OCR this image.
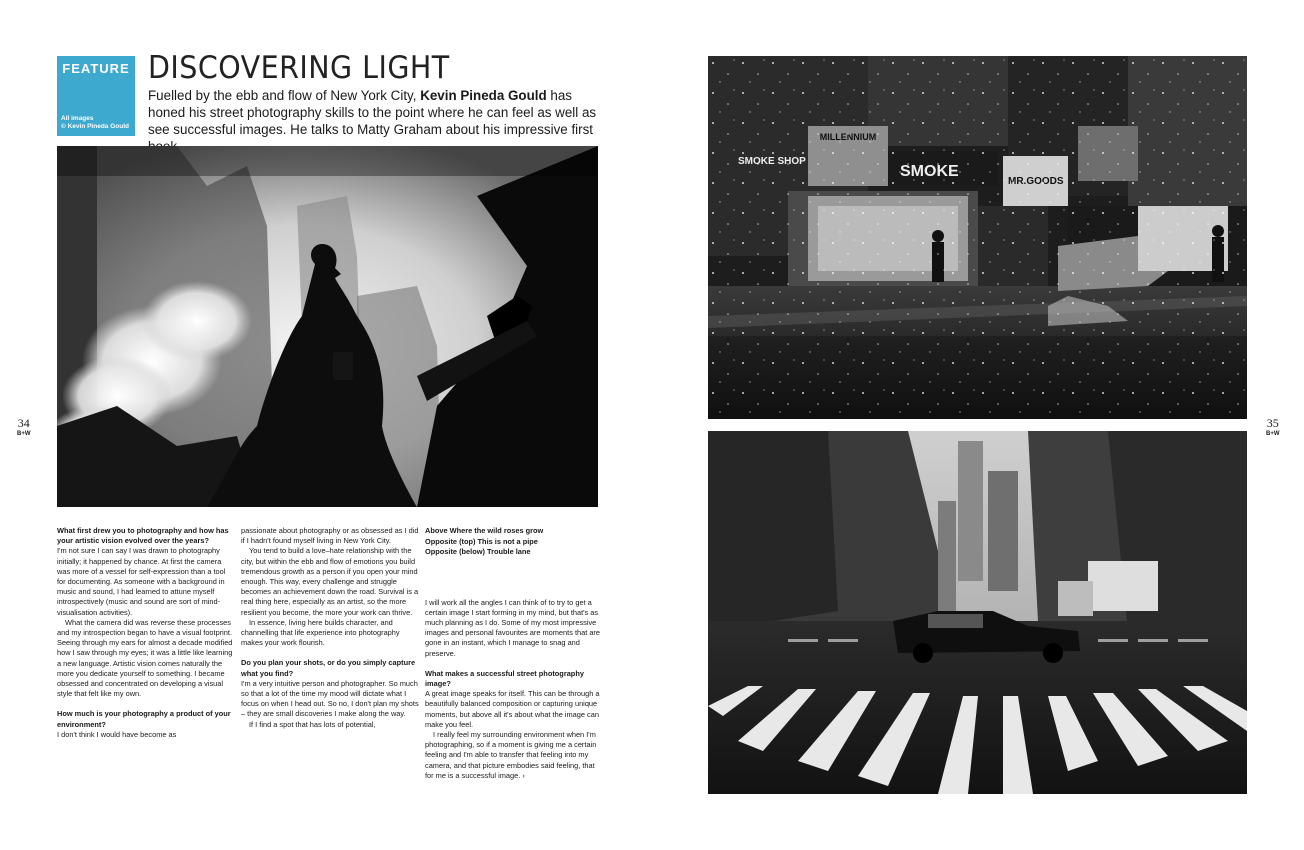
FEATURE
All images
© Kevin Pineda Gould
DISCOVERING LIGHT

Fuelled by the ebb and flow of New York City, Kevin Pineda Gould has honed his street photography skills to the point where he can feel as well as see successful images. He talks to Matty Graham about his impressive first

34
B+W
35
B+W

What first drew you to photography and how has your artistic vision evolved over the years?

I'm not sure I can say I was drawn to photography initially; it happened by chance. At first the camera was more of a vessel for self-expression than a tool for documenting. As someone with a background in music and sound, I had learned to attune myself introspectively (music and sound are sort of mind-visualisation activities).

What the camera did was reverse these processes and my introspection began to have a visual footprint. Seeing through my ears for almost a decade modified how I saw through my eyes; it was a little like learning a new language. Artistic vision comes naturally the more you dedicate yourself to something. I became obsessed and concentrated on developing a visual style that felt like my own.

How much is your photography a product of your environment?

I don't think I would have become as

passionate about photography or as obsessed as I did if I hadn't found myself living in New York City.

You tend to build a love–hate relationship with the city, but within the ebb and flow of emotions you build tremendous growth as a person if you open your mind enough. This way, every challenge and struggle becomes an achievement down the road. Survival is a real thing here, especially as an artist, so the more resilient you become, the more your work can thrive.

In essence, living here builds character, and channelling that life experience into photography makes your work flourish.

Do you plan your shots, or do you simply capture what you find?

I'm a very intuitive person and photographer. So much so that a lot of the time my mood will dictate what I focus on when I head out. So no, I don't plan my shots – they are small discoveries I make along the way.

If I find a spot that has lots of potential,

Above Where the wild roses grow

Opposite (top) This is not a pipe

Opposite (below) Trouble lane

I will work all the angles I can think of to try to get a certain image I start forming in my mind, but that's as much planning as I do. Some of my most impressive images and personal favourites are moments that are gone in an instant, which I manage to snag and preserve.

What makes a successful street photography image?

A great image speaks for itself. This can be through a beautifully balanced composition or capturing unique moments, but above all it's about what the image can make you feel.

I really feel my surrounding environment when I'm photographing, so if a moment is giving me a certain feeling and I'm able to transfer that feeling into my camera, and that picture embodies said feeling, that for me is a successful image. ›
